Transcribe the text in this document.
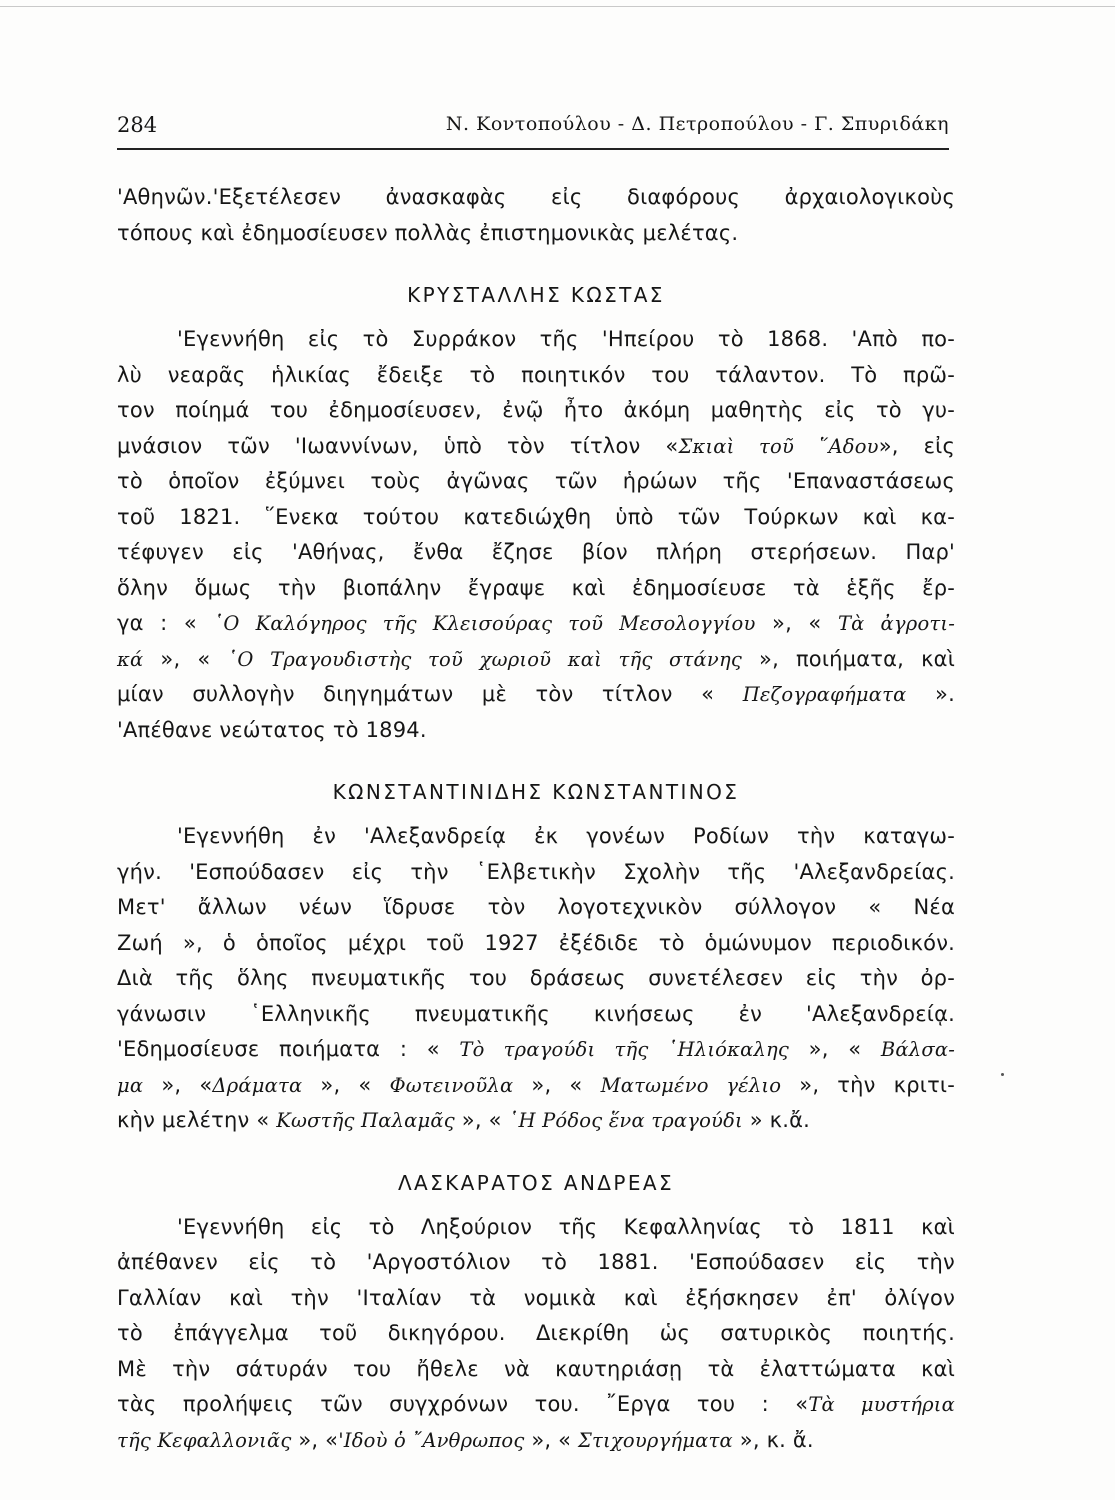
284	Ν. Κοντοπούλου - Δ. Πετροπούλου - Γ. Σπυριδάκη
'Αθηνῶν.'Εξετέλεσεν ἀνασκαφὰς εἰς διαφόρους ἀρχαιολογικοὺς
τόπους καὶ ἐδημοσίευσεν πολλὰς ἐπιστημονικὰς μελέτας.
ΚΡΥΣΤΑΛΛΗΣ ΚΩΣΤΑΣ
'Εγεννήθη εἰς τὸ Συρράκον τῆς 'Ηπείρου τὸ 1868. 'Απὸ πο-
λὺ νεαρᾶς ἡλικίας ἔδειξε τὸ ποιητικόν του τάλαντον. Τὸ πρῶ-
τον ποίημά του ἐδημοσίευσεν, ἐνῷ ἦτο ἀκόμη μαθητὴς εἰς τὸ γυ-
μνάσιον τῶν 'Ιωαννίνων, ὑπὸ τὸν τίτλον «Σκιαὶ τοῦ ῞Αδου», εἰς
τὸ ὁποῖον ἐξύμνει τοὺς ἀγῶνας τῶν ἡρώων τῆς 'Επαναστάσεως
τοῦ 1821. ῞Ενεκα τούτου κατεδιώχθη ὑπὸ τῶν Τούρκων καὶ κα-
τέφυγεν εἰς 'Αθήνας, ἔνθα ἔζησε βίον πλήρη στερήσεων. Παρ'
ὅλην ὅμως τὴν βιοπάλην ἔγραψε καὶ ἐδημοσίευσε τὰ ἑξῆς ἔρ-
γα : « ῾Ο Καλόγηρος τῆς Κλεισούρας τοῦ Μεσολογγίου », « Τὰ ἀγροτι-
κά », « ῾Ο Τραγουδιστὴς τοῦ χωριοῦ καὶ τῆς στάνης », ποιήματα, καὶ
μίαν συλλογὴν διηγημάτων μὲ τὸν τίτλον « Πεζογραφήματα ».
'Απέθανε νεώτατος τὸ 1894.
ΚΩΝΣΤΑΝΤΙΝΙΔΗΣ ΚΩΝΣΤΑΝΤΙΝΟΣ
'Εγεννήθη ἐν 'Αλεξανδρείᾳ ἐκ γονέων Ροδίων τὴν καταγω-
γήν. 'Εσπούδασεν εἰς τὴν ῾Ελβετικὴν Σχολὴν τῆς 'Αλεξανδρείας.
Μετ' ἄλλων νέων ἵδρυσε τὸν λογοτεχνικὸν σύλλογον « Νέα
Ζωή », ὁ ὁποῖος μέχρι τοῦ 1927 ἐξέδιδε τὸ ὁμώνυμον περιοδικόν.
Διὰ τῆς ὅλης πνευματικῆς του δράσεως συνετέλεσεν εἰς τὴν ὀρ-
γάνωσιν ῾Ελληνικῆς πνευματικῆς κινήσεως ἐν 'Αλεξανδρείᾳ.
'Εδημοσίευσε ποιήματα : « Τὸ τραγούδι τῆς ῾Ηλιόκαλης », « Βάλσα-
μα », «Δράματα », « Φωτεινοῦλα », « Ματωμένο γέλιο », τὴν κριτι-
κὴν μελέτην « Κωστῆς Παλαμᾶς », « ῾Η Ρόδος ἕνα τραγούδι » κ.ἄ.
ΛΑΣΚΑΡΑΤΟΣ ΑΝΔΡΕΑΣ
'Εγεννήθη εἰς τὸ Ληξούριον τῆς Κεφαλληνίας τὸ 1811 καὶ
ἀπέθανεν εἰς τὸ 'Αργοστόλιον τὸ 1881. 'Εσπούδασεν εἰς τὴν
Γαλλίαν καὶ τὴν 'Ιταλίαν τὰ νομικὰ καὶ ἐξήσκησεν ἐπ' ὀλίγον
τὸ ἐπάγγελμα τοῦ δικηγόρου. Διεκρίθη ὡς σατυρικὸς ποιητής.
Μὲ τὴν σάτυράν του ἤθελε νὰ καυτηριάσῃ τὰ ἐλαττώματα καὶ
τὰς προλήψεις τῶν συγχρόνων του. ῎Εργα του : «Τὰ μυστήρια
τῆς Κεφαλλονιᾶς », «'Ιδοὺ ὁ ῎Ανθρωπος », « Στιχουργήματα », κ. ἄ.
